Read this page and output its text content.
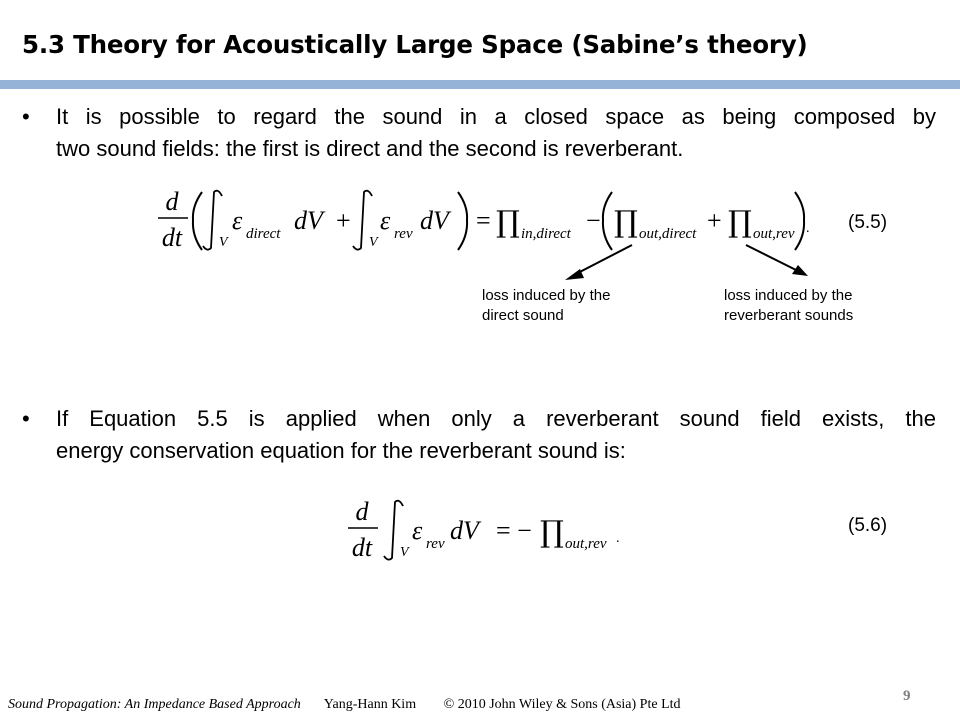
5.3 Theory for Acoustically Large Space (Sabine’s theory)
• It is possible to regard the sound in a closed space as being composed by
two sound fields: the first is direct and the second is reverberant.
d
dt	V
ε direct dV +
V
ε rev dV = ∏ in,direct − ∏ out,direct + ∏ out,rev . (5.5)
loss induced by the
direct sound
loss induced by the
reverberant sounds
• If Equation 5.5 is applied when only a reverberant sound field exists, the
energy conservation equation for the reverberant sound is:
d
dt V
ε rev dV = − ∏ out,rev .
(5.6)
Sound Propagation: An Impedance Based Approach Yang-Hann Kim © 2010 John Wiley & Sons (Asia) Pte Ltd
9
